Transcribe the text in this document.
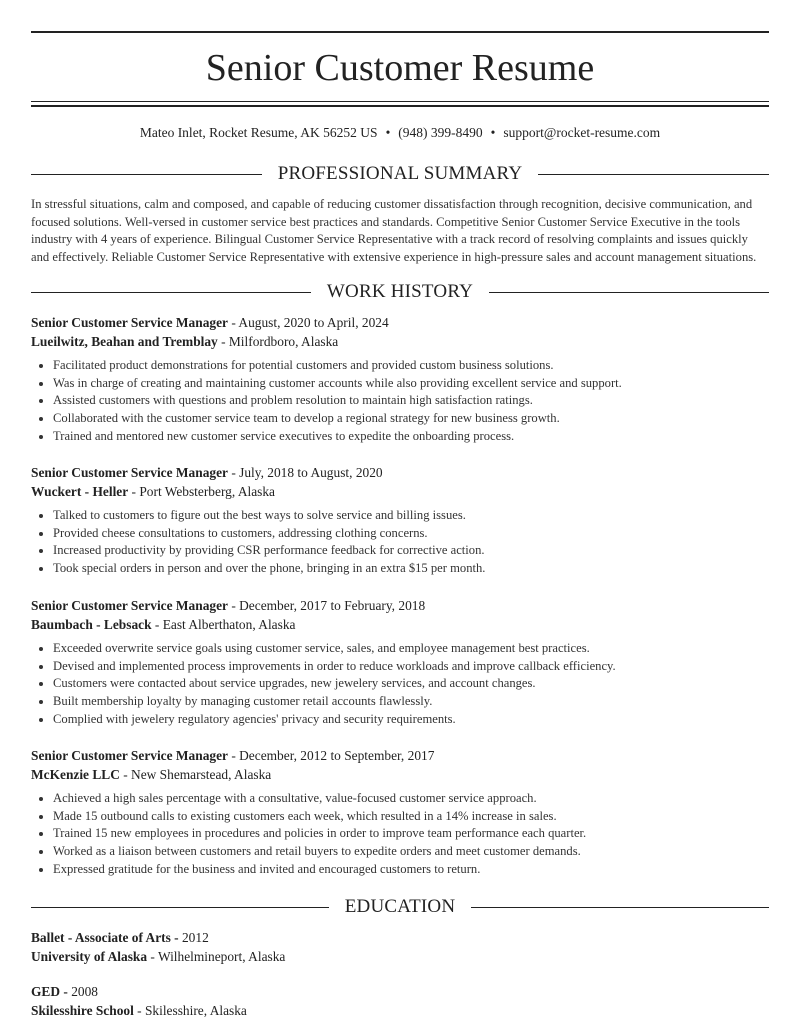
Senior Customer Resume
Mateo Inlet, Rocket Resume, AK 56252 US • (948) 399-8490 • support@rocket-resume.com
PROFESSIONAL SUMMARY

In stressful situations, calm and composed, and capable of reducing customer dissatisfaction through recognition, decisive communication, and focused solutions. Well-versed in customer service best practices and standards. Competitive Senior Customer Service Executive in the tools industry with 4 years of experience. Bilingual Customer Service Representative with a track record of resolving complaints and issues quickly and effectively. Reliable Customer Service Representative with extensive experience in high-pressure sales and account management situations.

WORK HISTORY
Senior Customer Service Manager - August, 2020 to April, 2024
Lueilwitz, Beahan and Tremblay - Milfordboro, Alaska
• Facilitated product demonstrations for potential customers and provided custom business solutions.
• Was in charge of creating and maintaining customer accounts while also providing excellent service and support.
• Assisted customers with questions and problem resolution to maintain high satisfaction ratings.
• Collaborated with the customer service team to develop a regional strategy for new business growth.
• Trained and mentored new customer service executives to expedite the onboarding process.
Senior Customer Service Manager - July, 2018 to August, 2020
Wuckert - Heller - Port Websterberg, Alaska
• Talked to customers to figure out the best ways to solve service and billing issues.
• Provided cheese consultations to customers, addressing clothing concerns.
• Increased productivity by providing CSR performance feedback for corrective action.
• Took special orders in person and over the phone, bringing in an extra $15 per month.
Senior Customer Service Manager - December, 2017 to February, 2018
Baumbach - Lebsack - East Alberthaton, Alaska
• Exceeded overwrite service goals using customer service, sales, and employee management best practices.
• Devised and implemented process improvements in order to reduce workloads and improve callback efficiency.
• Customers were contacted about service upgrades, new jewelery services, and account changes.
• Built membership loyalty by managing customer retail accounts flawlessly.
• Complied with jewelery regulatory agencies' privacy and security requirements.
Senior Customer Service Manager - December, 2012 to September, 2017
McKenzie LLC - New Shemarstead, Alaska
• Achieved a high sales percentage with a consultative, value-focused customer service approach.
• Made 15 outbound calls to existing customers each week, which resulted in a 14% increase in sales.
• Trained 15 new employees in procedures and policies in order to improve team performance each quarter.
• Worked as a liaison between customers and retail buyers to expedite orders and meet customer demands.
• Expressed gratitude for the business and invited and encouraged customers to return.
EDUCATION
Ballet - Associate of Arts - 2012
University of Alaska - Wilhelmineport, Alaska
GED - 2008
Skilesshire School - Skilesshire, Alaska
